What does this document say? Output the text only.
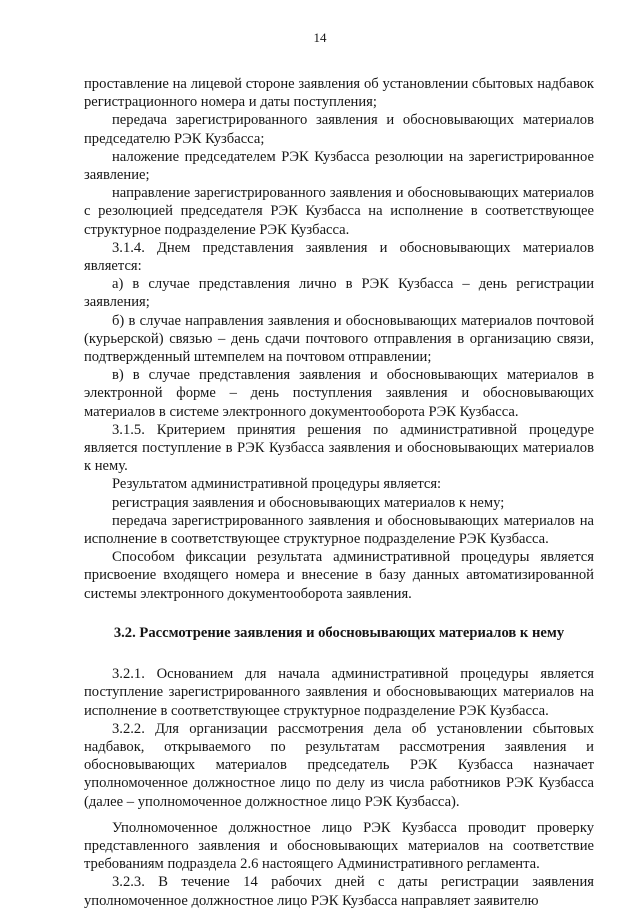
14

проставление на лицевой стороне заявления об установлении сбытовых надбавок регистрационного номера и даты поступления;

передача зарегистрированного заявления и обосновывающих материалов председателю РЭК Кузбасса;

наложение председателем РЭК Кузбасса резолюции на зарегистрированное заявление;

направление зарегистрированного заявления и обосновывающих материалов с резолюцией председателя РЭК Кузбасса на исполнение в соответствующее структурное подразделение РЭК Кузбасса.

3.1.4. Днем представления заявления и обосновывающих материалов является:

а) в случае представления лично в РЭК Кузбасса – день регистрации заявления;

б) в случае направления заявления и обосновывающих материалов почтовой (курьерской) связью – день сдачи почтового отправления в организацию связи, подтвержденный штемпелем на почтовом отправлении;

в) в случае представления заявления и обосновывающих материалов в электронной форме – день поступления заявления и обосновывающих материалов в системе электронного документооборота РЭК Кузбасса.

3.1.5. Критерием принятия решения по административной процедуре является поступление в РЭК Кузбасса заявления и обосновывающих материалов к нему.

Результатом административной процедуры является:

регистрация заявления и обосновывающих материалов к нему;

передача зарегистрированного заявления и обосновывающих материалов на исполнение в соответствующее структурное подразделение РЭК Кузбасса.

Способом фиксации результата административной процедуры является присвоение входящего номера и внесение в базу данных автоматизированной системы электронного документооборота заявления.

3.2. Рассмотрение заявления и обосновывающих материалов к нему

3.2.1. Основанием для начала административной процедуры является поступление зарегистрированного заявления и обосновывающих материалов на исполнение в соответствующее структурное подразделение РЭК Кузбасса.

3.2.2. Для организации рассмотрения дела об установлении сбытовых надбавок, открываемого по результатам рассмотрения заявления и обосновывающих материалов председатель РЭК Кузбасса назначает уполномоченное должностное лицо по делу из числа работников РЭК Кузбасса (далее – уполномоченное должностное лицо РЭК Кузбасса).

Уполномоченное должностное лицо РЭК Кузбасса проводит проверку представленного заявления и обосновывающих материалов на соответствие требованиям подраздела 2.6 настоящего Административного регламента.

3.2.3. В течение 14 рабочих дней с даты регистрации заявления уполномоченное должностное лицо РЭК Кузбасса направляет заявителю
